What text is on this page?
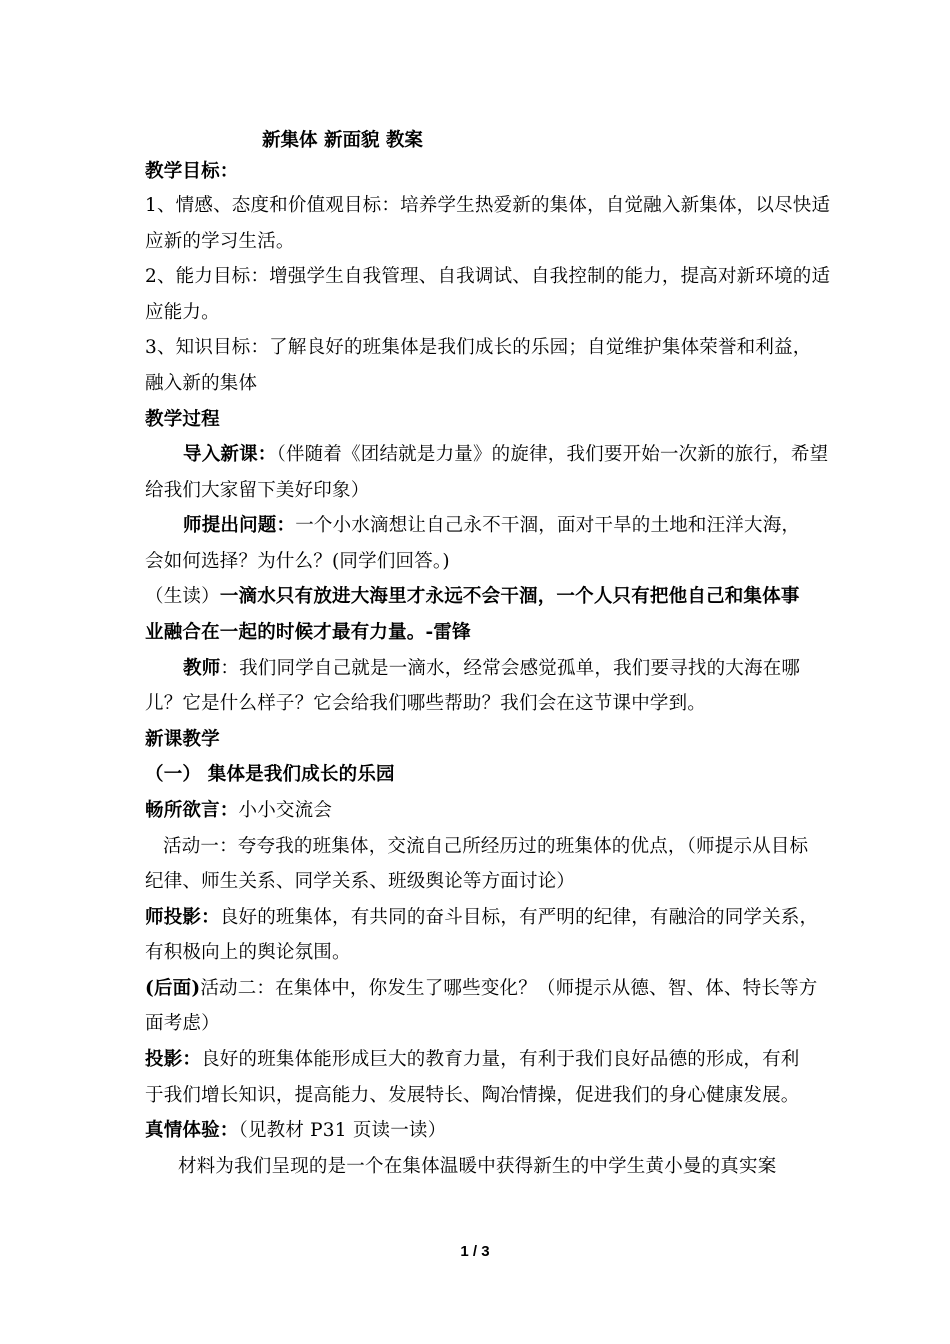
新集体 新面貌 教案
教学目标：
1、情感、态度和价值观目标：培养学生热爱新的集体，自觉融入新集体，以尽快适
应新的学习生活。
2、能力目标：增强学生自我管理、自我调试、自我控制的能力，提高对新环境的适
应能力。
3、知识目标：了解良好的班集体是我们成长的乐园；自觉维护集体荣誉和利益，
融入新的集体
教学过程
导入新课：（伴随着《团结就是力量》的旋律，我们要开始一次新的旅行，希望
给我们大家留下美好印象）
师提出问题：一个小水滴想让自己永不干涸，面对干旱的土地和汪洋大海，
会如何选择？为什么？(同学们回答。)
（生读）一滴水只有放进大海里才永远不会干涸，一个人只有把他自己和集体事
业融合在一起的时候才最有力量。-雷锋
教师：我们同学自己就是一滴水，经常会感觉孤单，我们要寻找的大海在哪
儿？它是什么样子？它会给我们哪些帮助？我们会在这节课中学到。
新课教学
（一） 集体是我们成长的乐园
畅所欲言：小小交流会
活动一：夸夸我的班集体，交流自己所经历过的班集体的优点，（师提示从目标
纪律、师生关系、同学关系、班级舆论等方面讨论）
师投影：良好的班集体，有共同的奋斗目标，有严明的纪律，有融洽的同学关系，
有积极向上的舆论氛围。
(后面)活动二：在集体中，你发生了哪些变化？（师提示从德、智、体、特长等方
面考虑）
投影：良好的班集体能形成巨大的教育力量，有利于我们良好品德的形成，有利
于我们增长知识，提高能力、发展特长、陶冶情操，促进我们的身心健康发展。
真情体验：（见教材 P31 页读一读）
材料为我们呈现的是一个在集体温暖中获得新生的中学生黄小曼的真实案
1 / 3
